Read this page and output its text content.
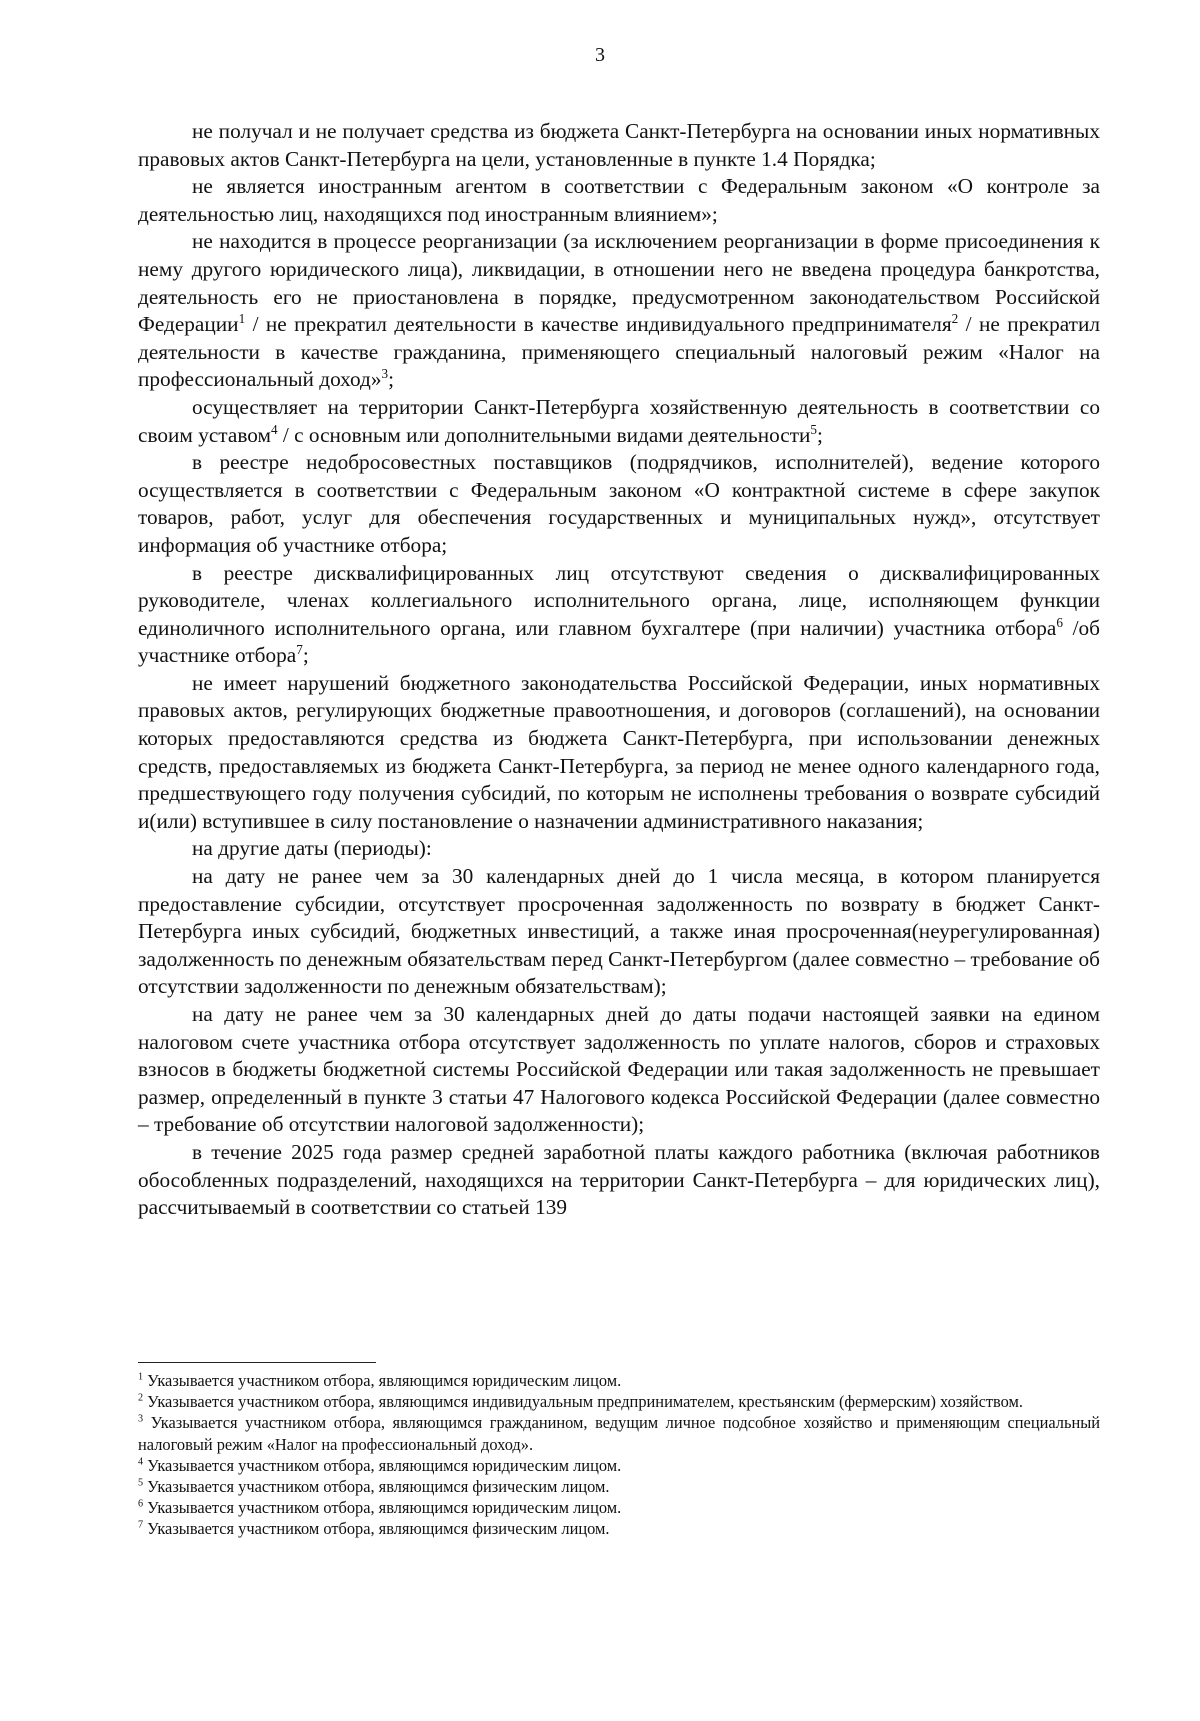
3

не получал и не получает средства из бюджета Санкт-Петербурга на основании иных нормативных правовых актов Санкт-Петербурга на цели, установленные в пункте 1.4 Порядка;

не является иностранным агентом в соответствии с Федеральным законом «О контроле за деятельностью лиц, находящихся под иностранным влиянием»;

не находится в процессе реорганизации (за исключением реорганизации в форме присоединения к нему другого юридического лица), ликвидации, в отношении него не введена процедура банкротства, деятельность его не приостановлена в порядке, предусмотренном законодательством Российской Федерации$^1$ / не прекратил деятельности в качестве индивидуального предпринимателя$^2$ / не прекратил деятельности в качестве гражданина, применяющего специальный налоговый режим «Налог на профессиональный доход»$^3$;

осуществляет на территории Санкт-Петербурга хозяйственную деятельность в соответствии со своим уставом$^4$ / с основным или дополнительными видами деятельности$^5$;

в реестре недобросовестных поставщиков (подрядчиков, исполнителей), ведение которого осуществляется в соответствии с Федеральным законом «О контрактной системе в сфере закупок товаров, работ, услуг для обеспечения государственных и муниципальных нужд», отсутствует информация об участнике отбора;

в реестре дисквалифицированных лиц отсутствуют сведения о дисквалифицированных руководителе, членах коллегиального исполнительного органа, лице, исполняющем функции единоличного исполнительного органа, или главном бухгалтере (при наличии) участника отбора$^6$ /об участнике отбора$^7$;

не имеет нарушений бюджетного законодательства Российской Федерации, иных нормативных правовых актов, регулирующих бюджетные правоотношения, и договоров (соглашений), на основании которых предоставляются средства из бюджета Санкт-Петербурга, при использовании денежных средств, предоставляемых из бюджета Санкт-Петербурга, за период не менее одного календарного года, предшествующего году получения субсидий, по которым не исполнены требования о возврате субсидий и(или) вступившее в силу постановление о назначении административного наказания;

на другие даты (периоды):

на дату не ранее чем за 30 календарных дней до 1 числа месяца, в котором планируется предоставление субсидии, отсутствует просроченная задолженность по возврату в бюджет Санкт-Петербурга иных субсидий, бюджетных инвестиций, а также иная просроченная(неурегулированная) задолженность по денежным обязательствам перед Санкт-Петербургом (далее совместно – требование об отсутствии задолженности по денежным обязательствам);

на дату не ранее чем за 30 календарных дней до даты подачи настоящей заявки на едином налоговом счете участника отбора отсутствует задолженность по уплате налогов, сборов и страховых взносов в бюджеты бюджетной системы Российской Федерации или такая задолженность не превышает размер, определенный в пункте 3 статьи 47 Налогового кодекса Российской Федерации (далее совместно – требование об отсутствии налоговой задолженности);

в течение 2025 года размер средней заработной платы каждого работника (включая работников обособленных подразделений, находящихся на территории Санкт-Петербурга – для юридических лиц), рассчитываемый в соответствии со статьей 139

$^1$ Указывается участником отбора, являющимся юридическим лицом.

$^2$ Указывается участником отбора, являющимся индивидуальным предпринимателем, крестьянским (фермерским) хозяйством.

$^3$ Указывается участником отбора, являющимся гражданином, ведущим личное подсобное хозяйство и применяющим специальный налоговый режим «Налог на профессиональный доход».

$^4$ Указывается участником отбора, являющимся юридическим лицом.

$^5$ Указывается участником отбора, являющимся физическим лицом.

$^6$ Указывается участником отбора, являющимся юридическим лицом.

$^7$ Указывается участником отбора, являющимся физическим лицом.
